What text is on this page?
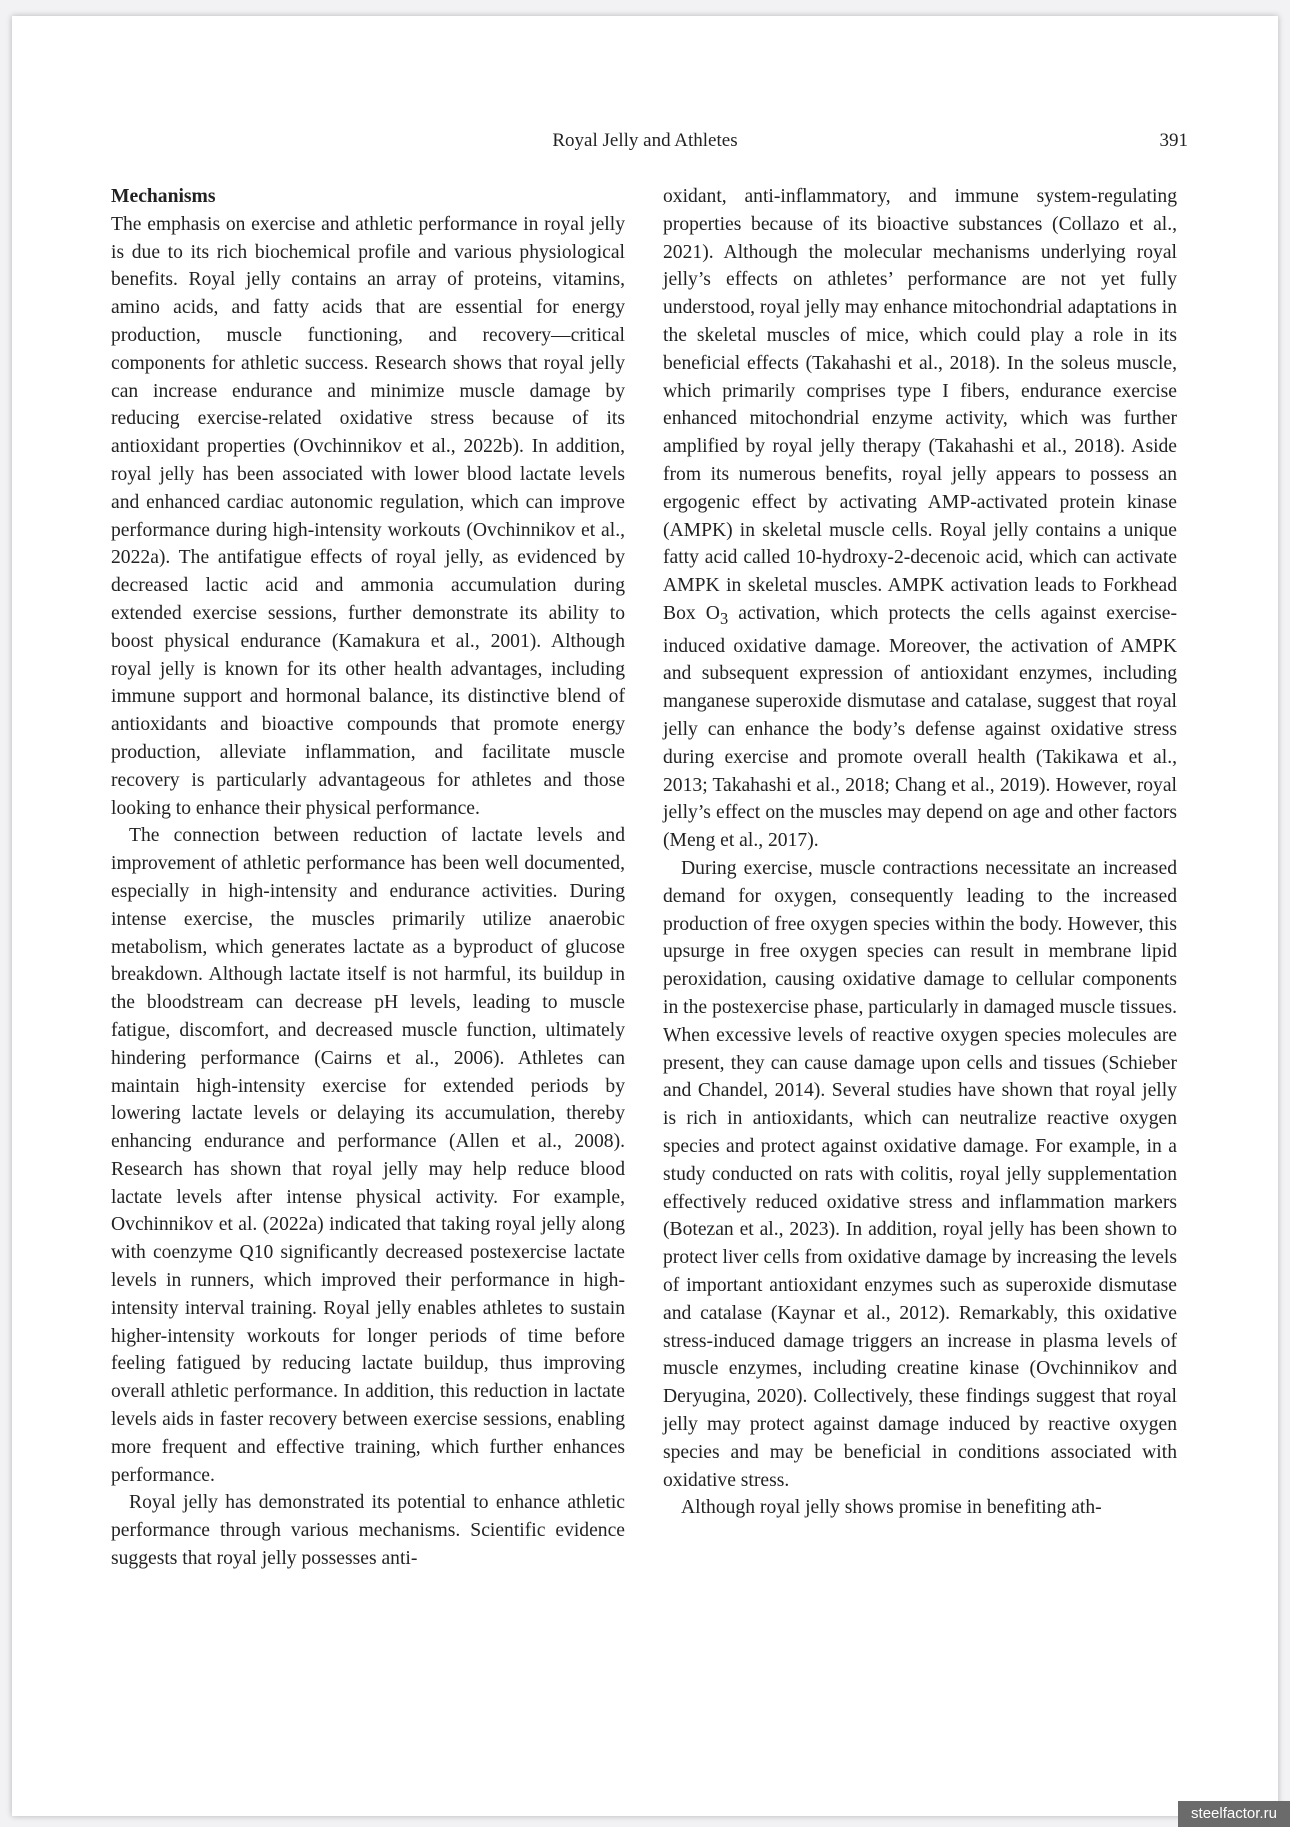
Royal Jelly and Athletes	391
Mechanisms

The emphasis on exercise and athletic performance in royal jelly is due to its rich biochemical profile and various physiological benefits. Royal jelly contains an array of proteins, vitamins, amino acids, and fatty acids that are essential for energy production, muscle functioning, and recovery—critical components for athletic success. Research shows that royal jelly can increase endurance and minimize muscle damage by reducing exercise-related oxidative stress because of its antioxidant properties (Ovchinnikov et al., 2022b). In addition, royal jelly has been associated with lower blood lactate levels and enhanced cardiac autonomic regulation, which can improve performance during high-intensity workouts (Ovchinnikov et al., 2022a). The antifatigue effects of royal jelly, as evidenced by decreased lactic acid and ammonia accumulation during extended exercise sessions, further demonstrate its ability to boost physical endurance (Kamakura et al., 2001). Although royal jelly is known for its other health advantages, including immune support and hormonal balance, its distinctive blend of antioxidants and bioactive compounds that promote energy production, alleviate inflammation, and facilitate muscle recovery is particularly advantageous for athletes and those looking to enhance their physical performance.

The connection between reduction of lactate levels and improvement of athletic performance has been well documented, especially in high-intensity and endurance activities. During intense exercise, the muscles primarily utilize anaerobic metabolism, which generates lactate as a byproduct of glucose breakdown. Although lactate itself is not harmful, its buildup in the bloodstream can decrease pH levels, leading to muscle fatigue, discomfort, and decreased muscle function, ultimately hindering performance (Cairns et al., 2006). Athletes can maintain high-intensity exercise for extended periods by lowering lactate levels or delaying its accumulation, thereby enhancing endurance and performance (Allen et al., 2008). Research has shown that royal jelly may help reduce blood lactate levels after intense physical activity. For example, Ovchinnikov et al. (2022a) indicated that taking royal jelly along with coenzyme Q10 significantly decreased postexercise lactate levels in runners, which improved their performance in high-intensity interval training. Royal jelly enables athletes to sustain higher-intensity workouts for longer periods of time before feeling fatigued by reducing lactate buildup, thus improving overall athletic performance. In addition, this reduction in lactate levels aids in faster recovery between exercise sessions, enabling more frequent and effective training, which further enhances performance.

Royal jelly has demonstrated its potential to enhance athletic performance through various mechanisms. Scientific evidence suggests that royal jelly possesses anti-

oxidant, anti-inflammatory, and immune system-regulating properties because of its bioactive substances (Collazo et al., 2021). Although the molecular mechanisms underlying royal jelly’s effects on athletes’ performance are not yet fully understood, royal jelly may enhance mitochondrial adaptations in the skeletal muscles of mice, which could play a role in its beneficial effects (Takahashi et al., 2018). In the soleus muscle, which primarily comprises type I fibers, endurance exercise enhanced mitochondrial enzyme activity, which was further amplified by royal jelly therapy (Takahashi et al., 2018). Aside from its numerous benefits, royal jelly appears to possess an ergogenic effect by activating AMP-activated protein kinase (AMPK) in skeletal muscle cells. Royal jelly contains a unique fatty acid called 10-hydroxy-2-decenoic acid, which can activate AMPK in skeletal muscles. AMPK activation leads to Forkhead Box $O_3$ activation, which protects the cells against exercise-induced oxidative damage. Moreover, the activation of AMPK and subsequent expression of antioxidant enzymes, including manganese superoxide dismutase and catalase, suggest that royal jelly can enhance the body’s defense against oxidative stress during exercise and promote overall health (Takikawa et al., 2013; Takahashi et al., 2018; Chang et al., 2019). However, royal jelly’s effect on the muscles may depend on age and other factors (Meng et al., 2017).

During exercise, muscle contractions necessitate an increased demand for oxygen, consequently leading to the increased production of free oxygen species within the body. However, this upsurge in free oxygen species can result in membrane lipid peroxidation, causing oxidative damage to cellular components in the postexercise phase, particularly in damaged muscle tissues. When excessive levels of reactive oxygen species molecules are present, they can cause damage upon cells and tissues (Schieber and Chandel, 2014). Several studies have shown that royal jelly is rich in antioxidants, which can neutralize reactive oxygen species and protect against oxidative damage. For example, in a study conducted on rats with colitis, royal jelly supplementation effectively reduced oxidative stress and inflammation markers (Botezan et al., 2023). In addition, royal jelly has been shown to protect liver cells from oxidative damage by increasing the levels of important antioxidant enzymes such as superoxide dismutase and catalase (Kaynar et al., 2012). Remarkably, this oxidative stress-induced damage triggers an increase in plasma levels of muscle enzymes, including creatine kinase (Ovchinnikov and Deryugina, 2020). Collectively, these findings suggest that royal jelly may protect against damage induced by reactive oxygen species and may be beneficial in conditions associated with oxidative stress.

Although royal jelly shows promise in benefiting ath-

steelfactor.ru
